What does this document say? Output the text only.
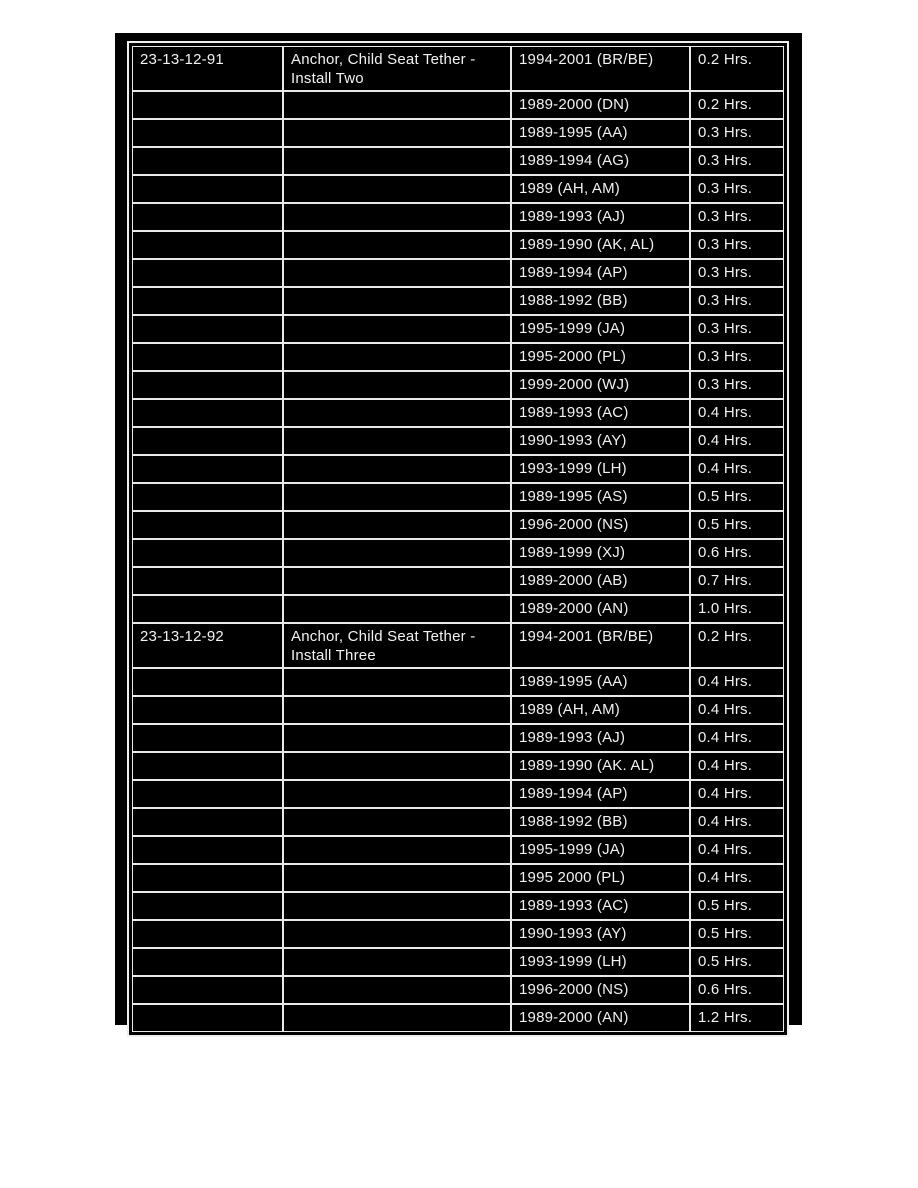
23-13-12-91	Anchor, Child Seat Tether - Install Two	1994-2001 (BR/BE)	0.2 Hrs.
		1989-2000 (DN)	0.2 Hrs.
		1989-1995 (AA)	0.3 Hrs.
		1989-1994 (AG)	0.3 Hrs.
		1989 (AH, AM)	0.3 Hrs.
		1989-1993 (AJ)	0.3 Hrs.
		1989-1990 (AK, AL)	0.3 Hrs.
		1989-1994 (AP)	0.3 Hrs.
		1988-1992 (BB)	0.3 Hrs.
		1995-1999 (JA)	0.3 Hrs.
		1995-2000 (PL)	0.3 Hrs.
		1999-2000 (WJ)	0.3 Hrs.
		1989-1993 (AC)	0.4 Hrs.
		1990-1993 (AY)	0.4 Hrs.
		1993-1999 (LH)	0.4 Hrs.
		1989-1995 (AS)	0.5 Hrs.
		1996-2000 (NS)	0.5 Hrs.
		1989-1999 (XJ)	0.6 Hrs.
		1989-2000 (AB)	0.7 Hrs.
		1989-2000 (AN)	1.0 Hrs.
23-13-12-92	Anchor, Child Seat Tether - Install Three	1994-2001 (BR/BE)	0.2 Hrs.
		1989-1995 (AA)	0.4 Hrs.
		1989 (AH, AM)	0.4 Hrs.
		1989-1993 (AJ)	0.4 Hrs.
		1989-1990 (AK. AL)	0.4 Hrs.
		1989-1994 (AP)	0.4 Hrs.
		1988-1992 (BB)	0.4 Hrs.
		1995-1999 (JA)	0.4 Hrs.
		1995 2000 (PL)	0.4 Hrs.
		1989-1993 (AC)	0.5 Hrs.
		1990-1993 (AY)	0.5 Hrs.
		1993-1999 (LH)	0.5 Hrs.
		1996-2000 (NS)	0.6 Hrs.
		1989-2000 (AN)	1.2 Hrs.
